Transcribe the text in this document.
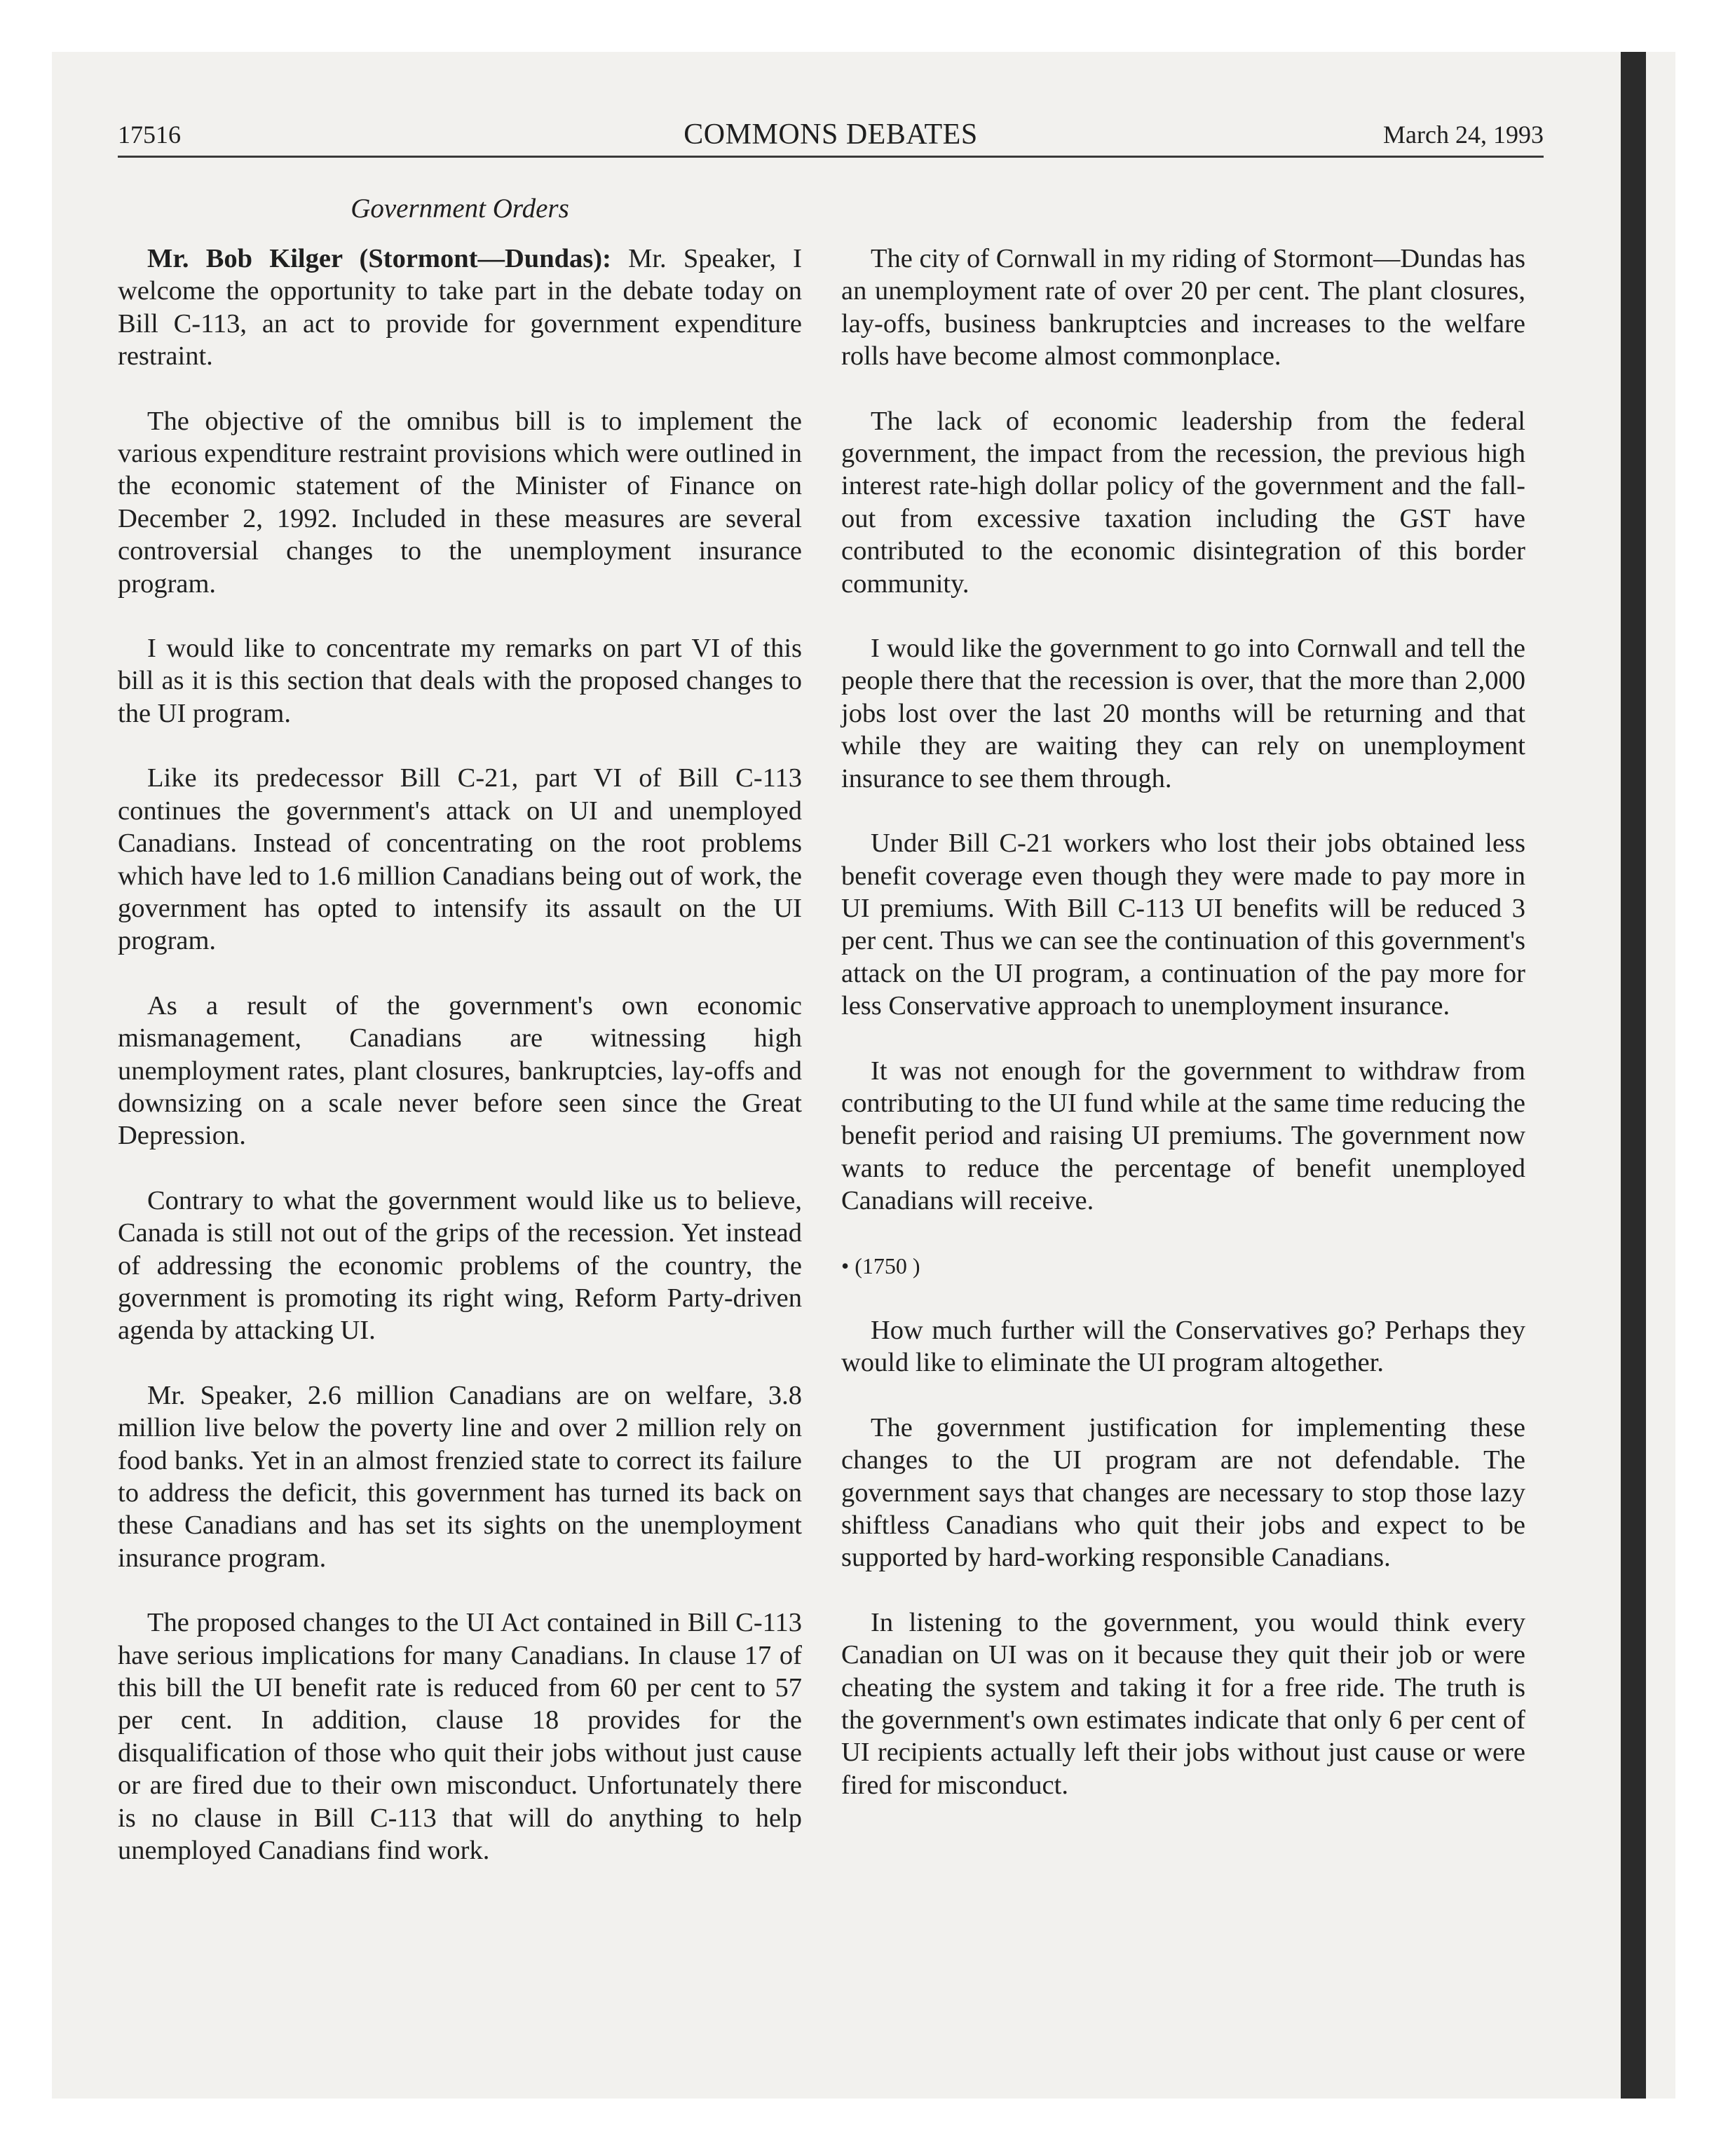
17516	COMMONS DEBATES	March 24, 1993
Government Orders

Mr. Bob Kilger (Stormont—Dundas): Mr. Speaker, I welcome the opportunity to take part in the debate today on Bill C-113, an act to provide for government expenditure restraint.

The objective of the omnibus bill is to implement the various expenditure restraint provisions which were outlined in the economic statement of the Minister of Finance on December 2, 1992. Included in these measures are several controversial changes to the unemployment insurance program.

I would like to concentrate my remarks on part VI of this bill as it is this section that deals with the proposed changes to the UI program.

Like its predecessor Bill C-21, part VI of Bill C-113 continues the government's attack on UI and unemployed Canadians. Instead of concentrating on the root problems which have led to 1.6 million Canadians being out of work, the government has opted to intensify its assault on the UI program.

As a result of the government's own economic mismanagement, Canadians are witnessing high unemployment rates, plant closures, bankruptcies, lay-offs and downsizing on a scale never before seen since the Great Depression.

Contrary to what the government would like us to believe, Canada is still not out of the grips of the recession. Yet instead of addressing the economic problems of the country, the government is promoting its right wing, Reform Party-driven agenda by attacking UI.

Mr. Speaker, 2.6 million Canadians are on welfare, 3.8 million live below the poverty line and over 2 million rely on food banks. Yet in an almost frenzied state to correct its failure to address the deficit, this government has turned its back on these Canadians and has set its sights on the unemployment insurance program.

The proposed changes to the UI Act contained in Bill C-113 have serious implications for many Canadians. In clause 17 of this bill the UI benefit rate is reduced from 60 per cent to 57 per cent. In addition, clause 18 provides for the disqualification of those who quit their jobs without just cause or are fired due to their own misconduct. Unfortunately there is no clause in Bill C-113 that will do anything to help unemployed Canadians find work.

The city of Cornwall in my riding of Stormont—Dundas has an unemployment rate of over 20 per cent. The plant closures, lay-offs, business bankruptcies and increases to the welfare rolls have become almost commonplace.

The lack of economic leadership from the federal government, the impact from the recession, the previous high interest rate-high dollar policy of the government and the fall-out from excessive taxation including the GST have contributed to the economic disintegration of this border community.

I would like the government to go into Cornwall and tell the people there that the recession is over, that the more than 2,000 jobs lost over the last 20 months will be returning and that while they are waiting they can rely on unemployment insurance to see them through.

Under Bill C-21 workers who lost their jobs obtained less benefit coverage even though they were made to pay more in UI premiums. With Bill C-113 UI benefits will be reduced 3 per cent. Thus we can see the continuation of this government's attack on the UI program, a continuation of the pay more for less Conservative approach to unemployment insurance.

It was not enough for the government to withdraw from contributing to the UI fund while at the same time reducing the benefit period and raising UI premiums. The government now wants to reduce the percentage of benefit unemployed Canadians will receive.

• (1750 )

How much further will the Conservatives go? Perhaps they would like to eliminate the UI program altogether.

The government justification for implementing these changes to the UI program are not defendable. The government says that changes are necessary to stop those lazy shiftless Canadians who quit their jobs and expect to be supported by hard-working responsible Canadians.

In listening to the government, you would think every Canadian on UI was on it because they quit their job or were cheating the system and taking it for a free ride. The truth is the government's own estimates indicate that only 6 per cent of UI recipients actually left their jobs without just cause or were fired for misconduct.
